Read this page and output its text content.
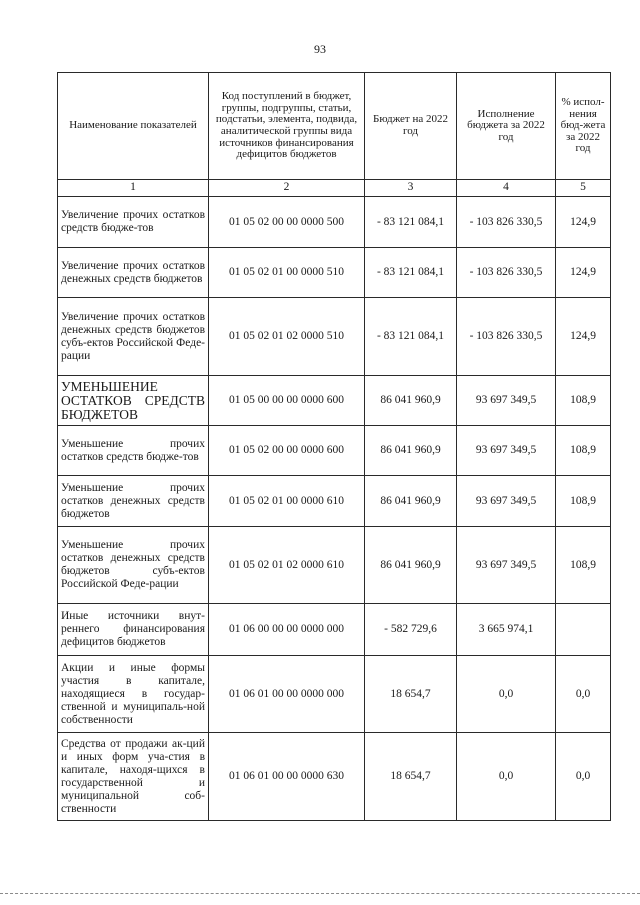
93
Наименование показателей	Код поступлений в бюджет, группы, подгруппы, статьи, подстатьи, элемента, подвида, аналитической группы вида источников финансирования дефицитов бюджетов	Бюджет на 2022 год	Исполнение бюджета за 2022 год	% испол-нения бюд-жета за 2022 год
1	2	3	4	5
Увеличение прочих остатков средств бюдже-тов	01 05 02 00 00 0000 500	- 83 121 084,1	- 103 826 330,5	124,9
Увеличение прочих остатков денежных средств бюджетов	01 05 02 01 00 0000 510	- 83 121 084,1	- 103 826 330,5	124,9
Увеличение прочих остатков денежных средств бюджетов субъ-ектов Российской Феде-рации	01 05 02 01 02 0000 510	- 83 121 084,1	- 103 826 330,5	124,9
УМЕНЬШЕНИЕ ОСТАТКОВ СРЕДСТВ БЮДЖЕТОВ	01 05 00 00 00 0000 600	86 041 960,9	93 697 349,5	108,9
Уменьшение прочих остатков средств бюдже-тов	01 05 02 00 00 0000 600	86 041 960,9	93 697 349,5	108,9
Уменьшение прочих остатков денежных средств бюджетов	01 05 02 01 00 0000 610	86 041 960,9	93 697 349,5	108,9
Уменьшение прочих остатков денежных средств бюджетов субъ-ектов Российской Феде-рации	01 05 02 01 02 0000 610	86 041 960,9	93 697 349,5	108,9
Иные источники внут-реннего финансирования дефицитов бюджетов	01 06 00 00 00 0000 000	- 582 729,6	3 665 974,1	
Акции и иные формы участия в капитале, находящиеся в государ-ственной и муниципаль-ной собственности	01 06 01 00 00 0000 000	18 654,7	0,0	0,0
Средства от продажи ак-ций и иных форм уча-стия в капитале, находя-щихся в государственной и муниципальной соб-ственности	01 06 01 00 00 0000 630	18 654,7	0,0	0,0
